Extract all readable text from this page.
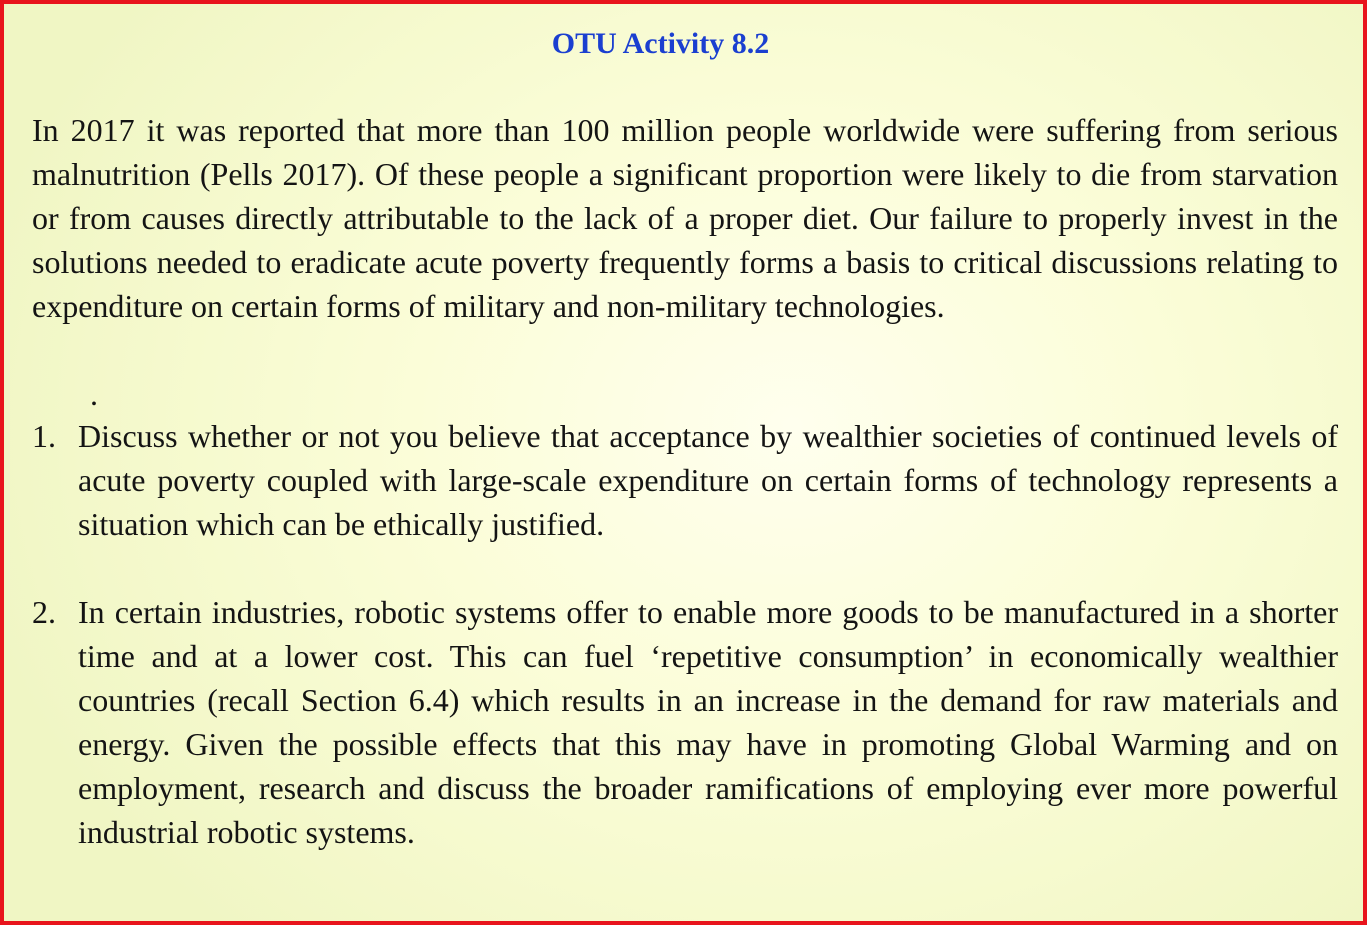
OTU Activity 8.2

In 2017 it was reported that more than 100 million people worldwide were suffering from serious malnutrition (Pells 2017). Of these people a significant proportion were likely to die from starvation or from causes directly attributable to the lack of a proper diet. Our failure to properly invest in the solutions needed to eradicate acute poverty frequently forms a basis to critical discussions relating to expenditure on certain forms of military and non-military technologies.

.
1. Discuss whether or not you believe that acceptance by wealthier societies of continued levels of acute poverty coupled with large-scale expenditure on certain forms of technology represents a situation which can be ethically justified.

2. In certain industries, robotic systems offer to enable more goods to be manufactured in a shorter time and at a lower cost. This can fuel ‘repetitive consumption’ in economically wealthier countries (recall Section 6.4) which results in an increase in the demand for raw materials and energy. Given the possible effects that this may have in promoting Global Warming and on employment, research and discuss the broader ramifications of employing ever more powerful industrial robotic systems.
